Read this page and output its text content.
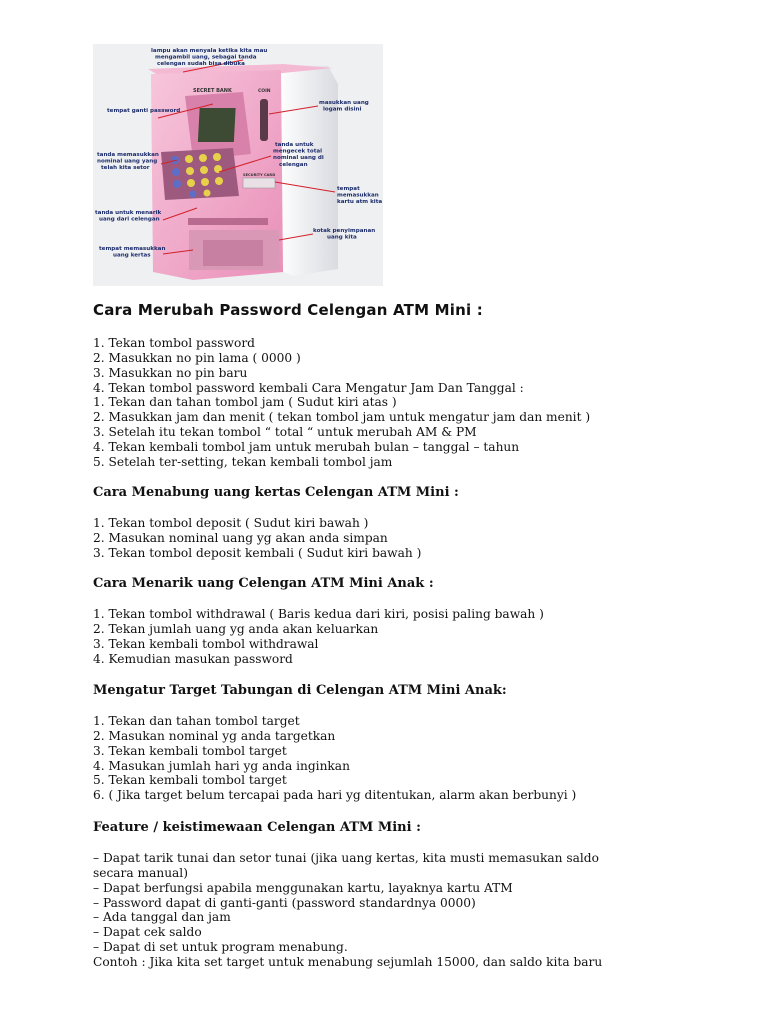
SECRET BANK	COIN
SECURITY CARD
lampu akan menyala ketika kita mau mengambil uang, sebagai tanda celengan sudah bisa dibuka
tempat ganti password
masukkan uang logam disini
tanda memasukkan nominal uang yang telah kita setor
tanda untuk mengecek total nominal uang di celengan
tempat memasukkan kartu atm kita
tanda untuk menarik uang dari celengan
kotak penyimpanan uang kita
tempat memasukkan uang kertas
Cara Merubah Password Celengan ATM Mini :
1. Tekan tombol password
2. Masukkan no pin lama ( 0000 )
3. Masukkan no pin baru
4. Tekan tombol password kembali Cara Mengatur Jam Dan Tanggal :
1. Tekan dan tahan tombol jam ( Sudut kiri atas )
2. Masukkan jam dan menit ( tekan tombol jam untuk mengatur jam dan menit )
3. Setelah itu tekan tombol “ total “ untuk merubah AM & PM
4. Tekan kembali tombol jam untuk merubah bulan – tanggal – tahun
5. Setelah ter-setting, tekan kembali tombol jam
Cara Menabung uang kertas Celengan ATM Mini :
1. Tekan tombol deposit ( Sudut kiri bawah )
2. Masukan nominal uang yg akan anda simpan
3. Tekan tombol deposit kembali ( Sudut kiri bawah )
Cara Menarik uang Celengan ATM Mini Anak :
1. Tekan tombol withdrawal ( Baris kedua dari kiri, posisi paling bawah )
2. Tekan jumlah uang yg anda akan keluarkan
3. Tekan kembali tombol withdrawal
4. Kemudian masukan password
Mengatur Target Tabungan di Celengan ATM Mini Anak:
1. Tekan dan tahan tombol target
2. Masukan nominal yg anda targetkan
3. Tekan kembali tombol target
4. Masukan jumlah hari yg anda inginkan
5. Tekan kembali tombol target
6. ( Jika target belum tercapai pada hari yg ditentukan, alarm akan berbunyi )
Feature / keistimewaan Celengan ATM Mini :
– Dapat tarik tunai dan setor tunai (jika uang kertas, kita musti memasukan saldo
secara manual)
– Dapat berfungsi apabila menggunakan kartu, layaknya kartu ATM
– Password dapat di ganti-ganti (password standardnya 0000)
– Ada tanggal dan jam
– Dapat cek saldo
– Dapat di set untuk program menabung.
Contoh : Jika kita set target untuk menabung sejumlah 15000, dan saldo kita baru
